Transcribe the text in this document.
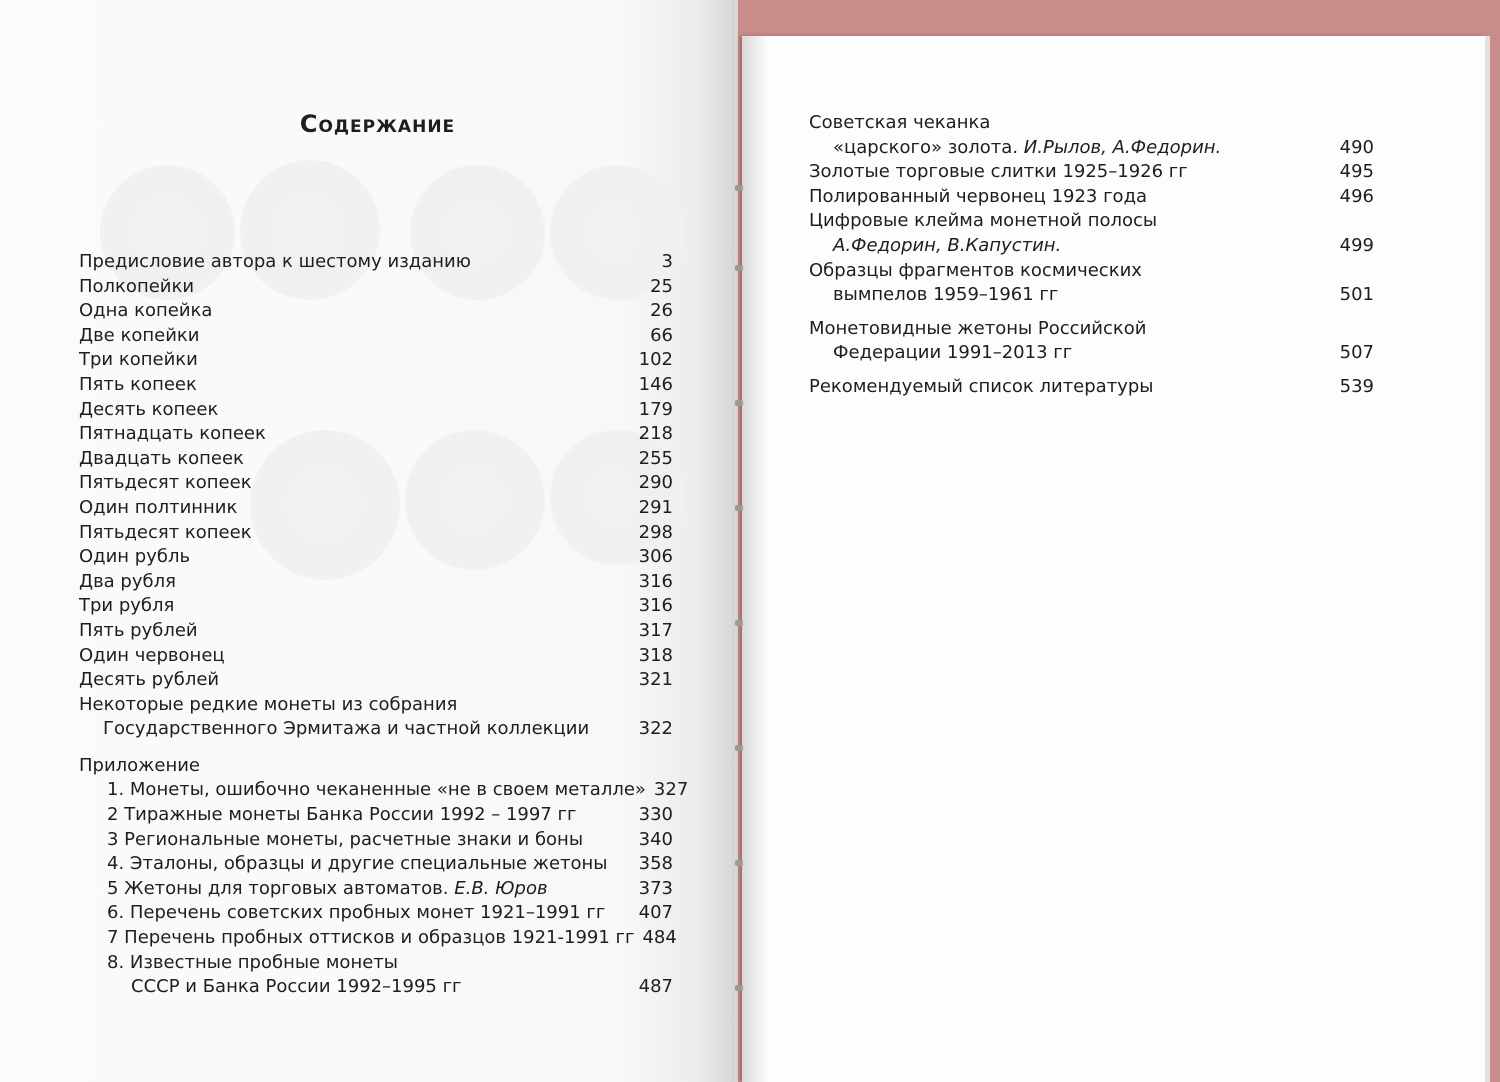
Содержание
Предисловие автора к шестому изданию	3
Полкопейки	25
Одна копейка	26
Две копейки	66
Три копейки	102
Пять копеек	146
Десять копеек	179
Пятнадцать копеек	218
Двадцать копеек	255
Пятьдесят копеек	290
Один полтинник	291
Пятьдесят копеек	298
Один рубль	306
Два рубля	316
Три рубля	316
Пять рублей	317
Один червонец	318
Десять рублей	321
Некоторые редкие монеты из собрания
Государственного Эрмитажа и частной коллекции	322
Приложение
1. Монеты, ошибочно чеканенные «не в своем металле» 327
2 Тиражные монеты Банка России 1992 – 1997 гг	330
3 Региональные монеты, расчетные знаки и боны	340
4. Эталоны, образцы и другие специальные жетоны	358
5 Жетоны для торговых автоматов. Е.В. Юров	373
6. Перечень советских пробных монет 1921–1991 гг	407
7 Перечень пробных оттисков и образцов 1921-1991 гг 484
8. Известные пробные монеты
СССР и Банка России 1992–1995 гг	487
Советская чеканка
«царского» золота. И.Рылов, А.Федорин.	490
Золотые торговые слитки 1925–1926 гг	495
Полированный червонец 1923 года	496
Цифровые клейма монетной полосы
А.Федорин, В.Капустин.	499
Образцы фрагментов космических
вымпелов 1959–1961 гг	501
Монетовидные жетоны Российской
Федерации 1991–2013 гг	507
Рекомендуемый список литературы	539
